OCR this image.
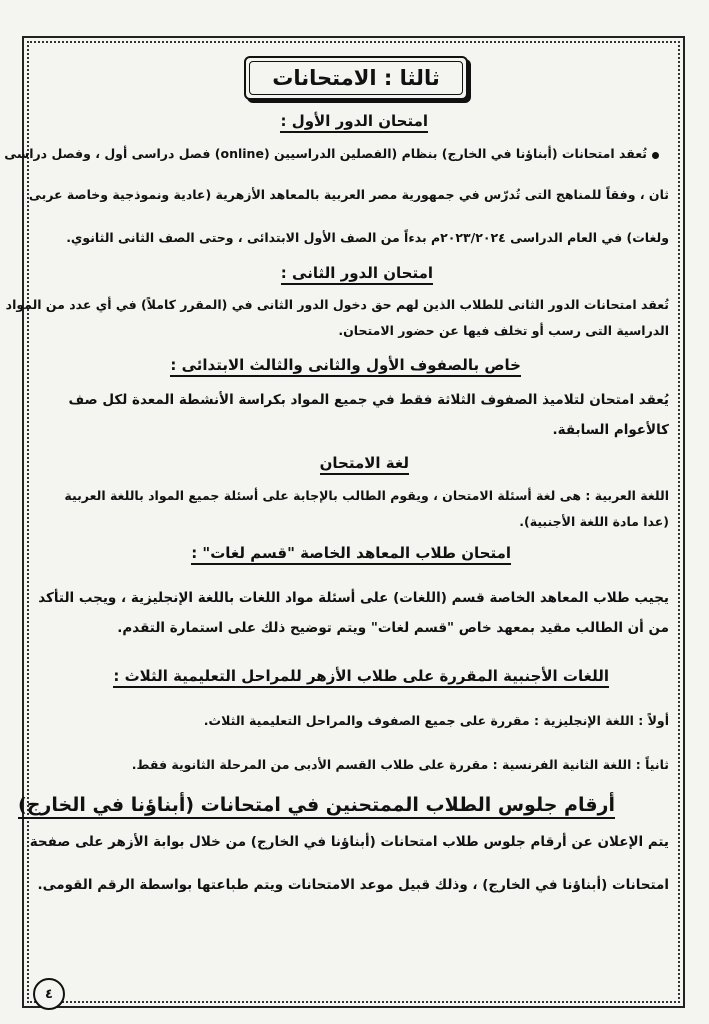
ثالثا : الامتحانات
امتحان الدور الأول :
تُعقد امتحانات (أبناؤنا في الخارج) بنظام (الفصلين الدراسيين (online) فصل دراسى أول ، وفصل دراسى
ثان ، وفقاً للمناهج التى تُدرّس في جمهورية مصر العربية بالمعاهد الأزهرية (عادية ونموذجية وخاصة عربى
ولغات) في العام الدراسى ٢٠٢٣/٢٠٢٤م بدءاً من الصف الأول الابتدائى ، وحتى الصف الثانى الثانوي.
امتحان الدور الثانى :
تُعقد امتحانات الدور الثانى للطلاب الذين لهم حق دخول الدور الثانى في (المقرر كاملاً) في أي عدد من المواد
الدراسية التى رسب أو تخلف فيها عن حضور الامتحان.
خاص بالصفوف الأول والثانى والثالث الابتدائى :
يُعقد امتحان لتلاميذ الصفوف الثلاثة فقط في جميع المواد بكراسة الأنشطة المعدة لكل صف
كالأعوام السابقة.
لغة الامتحان
اللغة العربية : هى لغة أسئلة الامتحان ، ويقوم الطالب بالإجابة على أسئلة جميع المواد باللغة العربية
(عدا مادة اللغة الأجنبية).
امتحان طلاب المعاهد الخاصة "قسم لغات" :
يجيب طلاب المعاهد الخاصة قسم (اللغات) على أسئلة مواد اللغات باللغة الإنجليزية ، ويجب التأكد
من أن الطالب مقيد بمعهد خاص "قسم لغات" ويتم توضيح ذلك على استمارة التقدم.
اللغات الأجنبية المقررة على طلاب الأزهر للمراحل التعليمية الثلاث :
أولاً : اللغة الإنجليزية : مقررة على جميع الصفوف والمراحل التعليمية الثلاث.
ثانياً : اللغة الثانية الفرنسية : مقررة على طلاب القسم الأدبى من المرحلة الثانوية فقط.
أرقام جلوس الطلاب الممتحنين في امتحانات (أبناؤنا في الخارج)
يتم الإعلان عن أرقام جلوس طلاب امتحانات (أبناؤنا في الخارج) من خلال بوابة الأزهر على صفحة
امتحانات (أبناؤنا في الخارج) ، وذلك قبيل موعد الامتحانات ويتم طباعتها بواسطة الرقم القومى.
٤
